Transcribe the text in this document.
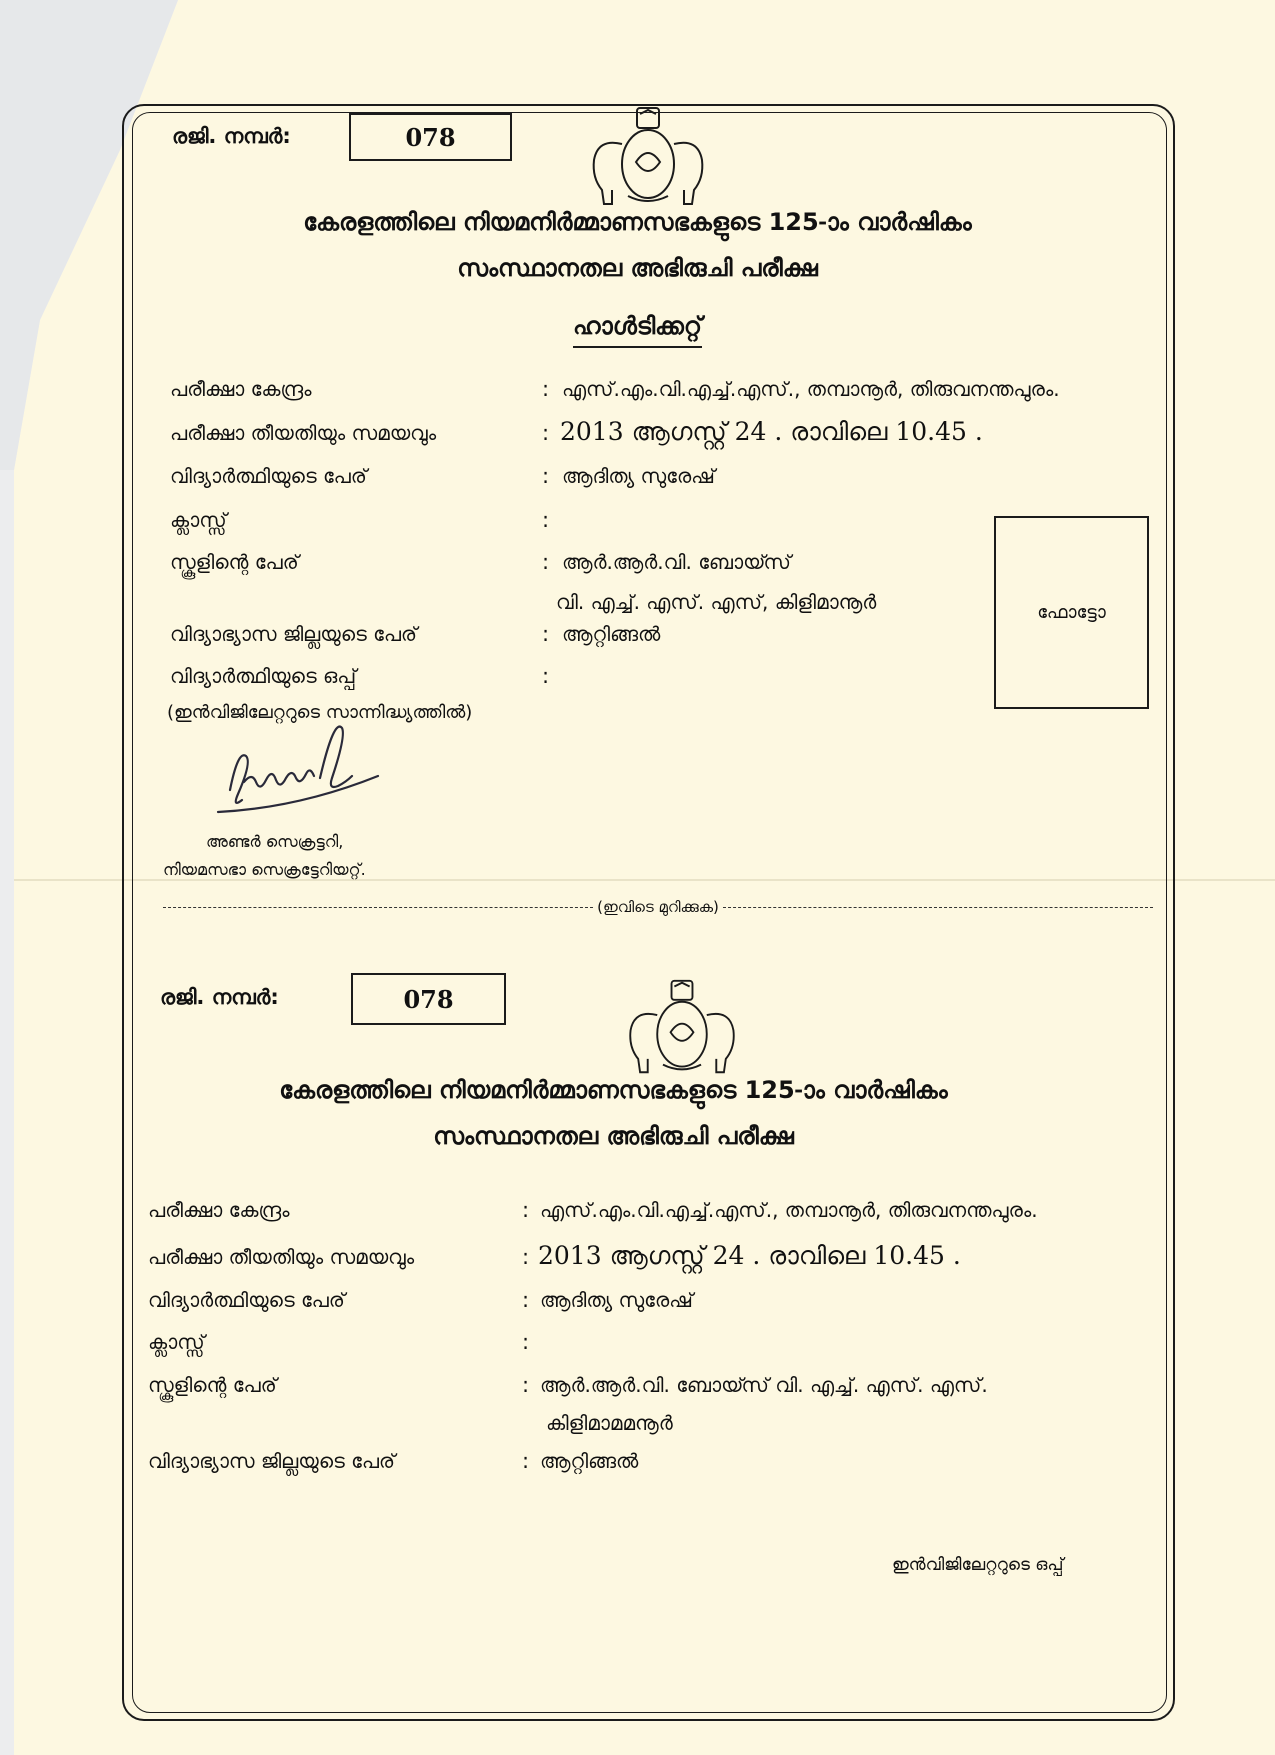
രജി. നമ്പർ:	078
കേരളത്തിലെ നിയമനിർമ്മാണസഭകളുടെ 125-ാം വാർഷികം
സംസ്ഥാനതല അഭിരുചി പരീക്ഷ
ഹാൾടിക്കറ്റ്
പരീക്ഷാ കേന്ദ്രം	: എസ്.എം.വി.എച്ച്.എസ്., തമ്പാനൂർ, തിരുവനന്തപുരം.
പരീക്ഷാ തീയതിയും സമയവും	: 2013 ആഗസ്റ്റ് 24 . രാവിലെ 10.45 .
വിദ്യാർത്ഥിയുടെ പേര്	: ആദിത്യ സുരേഷ്
ക്ലാസ്സ്	:
സ്കൂളിന്റെ പേര്	: ആർ.ആർ.വി. ബോയ്സ്
വി. എച്ച്. എസ്. എസ്, കിളിമാനൂർ
വിദ്യാഭ്യാസ ജില്ലയുടെ പേര്	: ആറ്റിങ്ങൽ
വിദ്യാർത്ഥിയുടെ ഒപ്പ്	:
(ഇൻവിജിലേറ്ററുടെ സാന്നിദ്ധ്യത്തിൽ)
ഫോട്ടോ
അണ്ടർ സെക്രട്ടറി,
നിയമസഭാ സെക്രട്ടേറിയറ്റ്.
(ഇവിടെ മുറിക്കുക)
രജി. നമ്പർ:	078
കേരളത്തിലെ നിയമനിർമ്മാണസഭകളുടെ 125-ാം വാർഷികം
സംസ്ഥാനതല അഭിരുചി പരീക്ഷ
പരീക്ഷാ കേന്ദ്രം	: എസ്.എം.വി.എച്ച്.എസ്., തമ്പാനൂർ, തിരുവനന്തപുരം.
പരീക്ഷാ തീയതിയും സമയവും	: 2013 ആഗസ്റ്റ് 24 . രാവിലെ 10.45 .
വിദ്യാർത്ഥിയുടെ പേര്	: ആദിത്യ സുരേഷ്
ക്ലാസ്സ്	:
സ്കൂളിന്റെ പേര്	: ആർ.ആർ.വി. ബോയ്സ് വി. എച്ച്. എസ്. എസ്.
കിളിമാമമനൂർ
വിദ്യാഭ്യാസ ജില്ലയുടെ പേര്	: ആറ്റിങ്ങൽ
ഇൻവിജിലേറ്ററുടെ ഒപ്പ്
